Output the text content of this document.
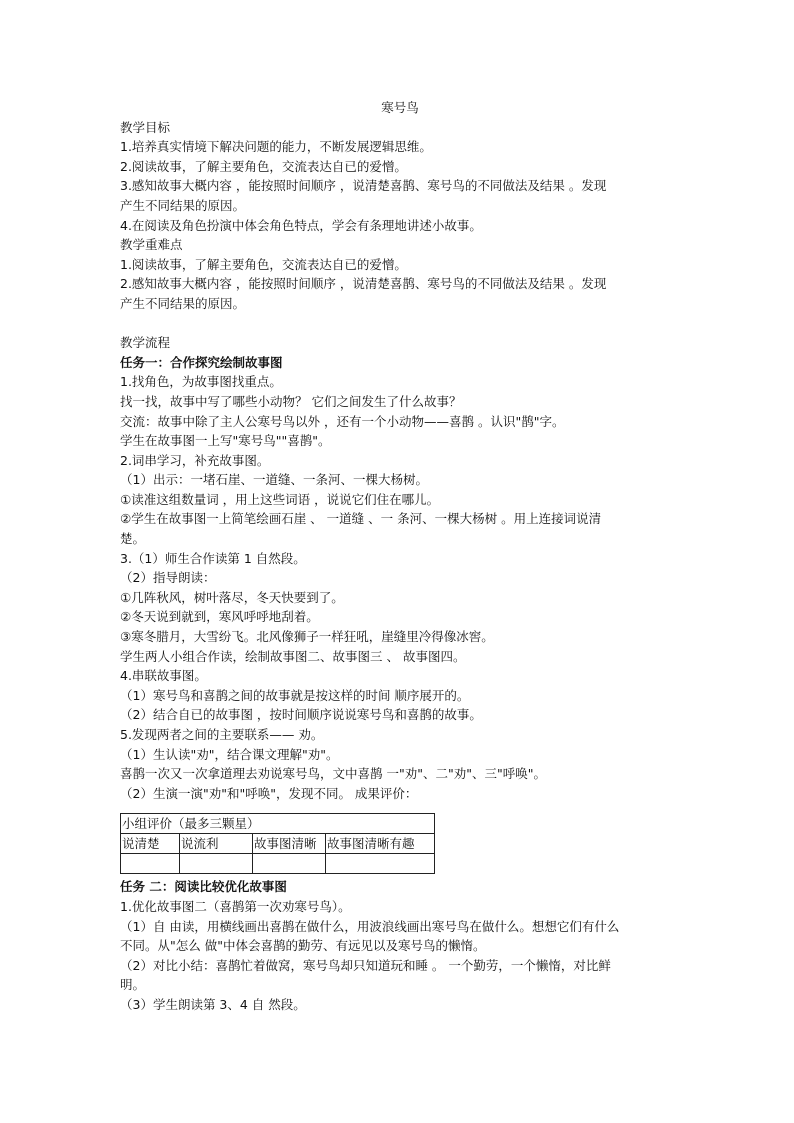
寒号鸟
教学目标
1.培养真实情境下解决问题的能力，不断发展逻辑思维。
2.阅读故事，了解主要角色，交流表达自已的爱憎。
3.感知故事大概内容 ，能按照时间顺序 ，说清楚喜鹊、寒号鸟的不同做法及结果 。发现
产生不同结果的原因。
4.在阅读及角色扮演中体会角色特点，学会有条理地讲述小故事。
教学重难点
1.阅读故事，了解主要角色，交流表达自已的爱憎。
2.感知故事大概内容 ，能按照时间顺序 ，说清楚喜鹊、寒号鸟的不同做法及结果 。发现
产生不同结果的原因。
教学流程
任务一：合作探究绘制故事图
1.找角色，为故事图找重点。
找一找，故事中写了哪些小动物？ 它们之间发生了什么故事？
交流：故事中除了主人公寒号鸟以外 ，还有一个小动物——喜鹊 。认识"鹊"字。
学生在故事图一上写"寒号鸟""喜鹊"。
2.词串学习，补充故事图。
（1）出示：一堵石崖、一道缝、一条河、一棵大杨树。
①读准这组数量词 ，用上这些词语 ，说说它们住在哪儿。
②学生在故事图一上简笔绘画石崖 、 一道缝 、一 条河、一棵大杨树 。用上连接词说清
楚。
3.（1）师生合作读第 1 自然段。
（2）指导朗读：
①几阵秋风，树叶落尽，冬天快要到了。
②冬天说到就到，寒风呼呼地刮着。
③寒冬腊月，大雪纷飞。北风像狮子一样狂吼，崖缝里冷得像冰窖。
学生两人小组合作读，绘制故事图二、故事图三 、 故事图四。
4.串联故事图。
（1）寒号鸟和喜鹊之间的故事就是按这样的时间 顺序展开的。
（2）结合自已的故事图 ，按时间顺序说说寒号鸟和喜鹊的故事。
5.发现两者之间的主要联系—— 劝。
（1）生认读"劝"，结合课文理解"劝"。
喜鹊一次又一次拿道理去劝说寒号鸟，文中喜鹊 一"劝"、二"劝"、三"呼唤"。
（2）生演一演"劝"和"呼唤"，发现不同。 成果评价：
小组评价（最多三颗星）			
说清楚	说流利	故事图清晰	故事图清晰有趣

任务 二：阅读比较优化故事图
1.优化故事图二（喜鹊第一次劝寒号鸟）。
（1）自 由读，用横线画出喜鹊在做什么，用波浪线画出寒号鸟在做什么。想想它们有什么
不同。从"怎么 做"中体会喜鹊的勤劳、有远见以及寒号鸟的懒惰。
（2）对比小结：喜鹊忙着做窝，寒号鸟却只知道玩和睡 。 一个勤劳，一个懒惰，对比鲜
明。
（3）学生朗读第 3、4 自 然段。
